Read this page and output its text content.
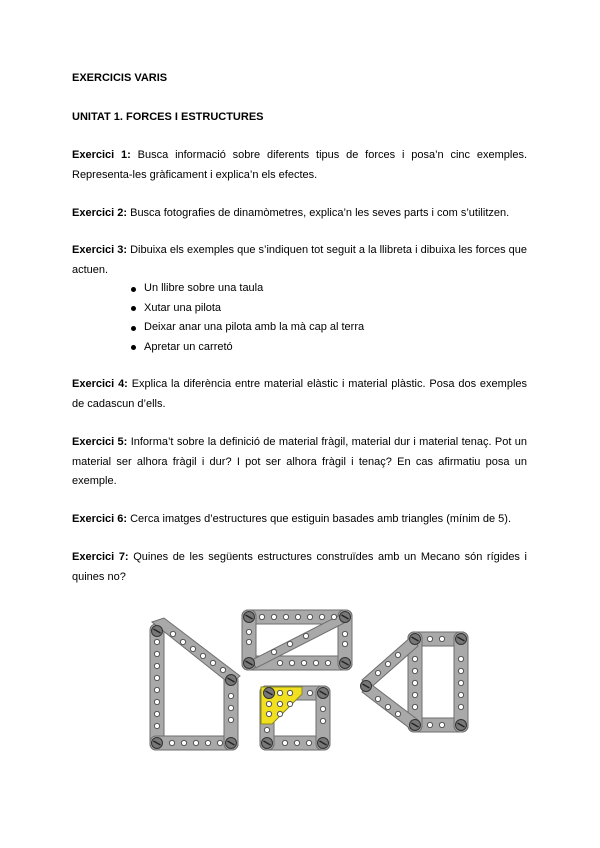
EXERCICIS VARIS
UNITAT 1. FORCES I ESTRUCTURES
Exercici 1: Busca informació sobre diferents tipus de forces i posa’n cinc exemples. Representa-les gràficament i explica’n els efectes.
Exercici 2: Busca fotografies de dinamòmetres, explica’n les seves parts i com s’utilitzen.
Exercici 3: Dibuixa els exemples que s’indiquen tot seguit a la llibreta i dibuixa les forces que actuen.
Un llibre sobre una taula
Xutar una pilota
Deixar anar una pilota amb la mà cap al terra
Apretar un carretó
Exercici 4: Explica la diferència entre material elàstic i material plàstic. Posa dos exemples de cadascun d’ells.
Exercici 5: Informa’t sobre la definició de material fràgil, material dur i material tenaç. Pot un material ser alhora fràgil i dur? I pot ser alhora fràgil i tenaç? En cas afirmatiu posa un exemple.
Exercici 6: Cerca imatges d’estructures que estiguin basades amb triangles (mínim de 5).
Exercici 7: Quines de les següents estructures construïdes amb un Mecano són rígides i quines no?
